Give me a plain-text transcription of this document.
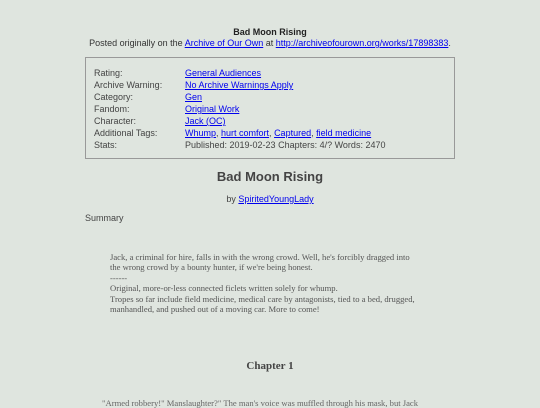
Bad Moon Rising
Posted originally on the Archive of Our Own at http://archiveofourown.org/works/17898383.
Rating:	General Audiences
Archive Warning:	No Archive Warnings Apply
Category:	Gen
Fandom:	Original Work
Character:	Jack (OC)
Additional Tags:	Whump, hurt comfort, Captured, field medicine
Stats:	Published: 2019-02-23 Chapters: 4/? Words: 2470
Bad Moon Rising
by SpiritedYoungLady
Summary
Jack, a criminal for hire, falls in with the wrong crowd. Well, he's forcibly dragged into
the wrong crowd by a bounty hunter, if we're being honest.
------
Original, more-or-less connected ficlets written solely for whump.
Tropes so far include field medicine, medical care by antagonists, tied to a bed, drugged,
manhandled, and pushed out of a moving car. More to come!
Chapter 1
"Armed robbery!" Manslaughter?" The man's voice was muffled through his mask, but Jack
